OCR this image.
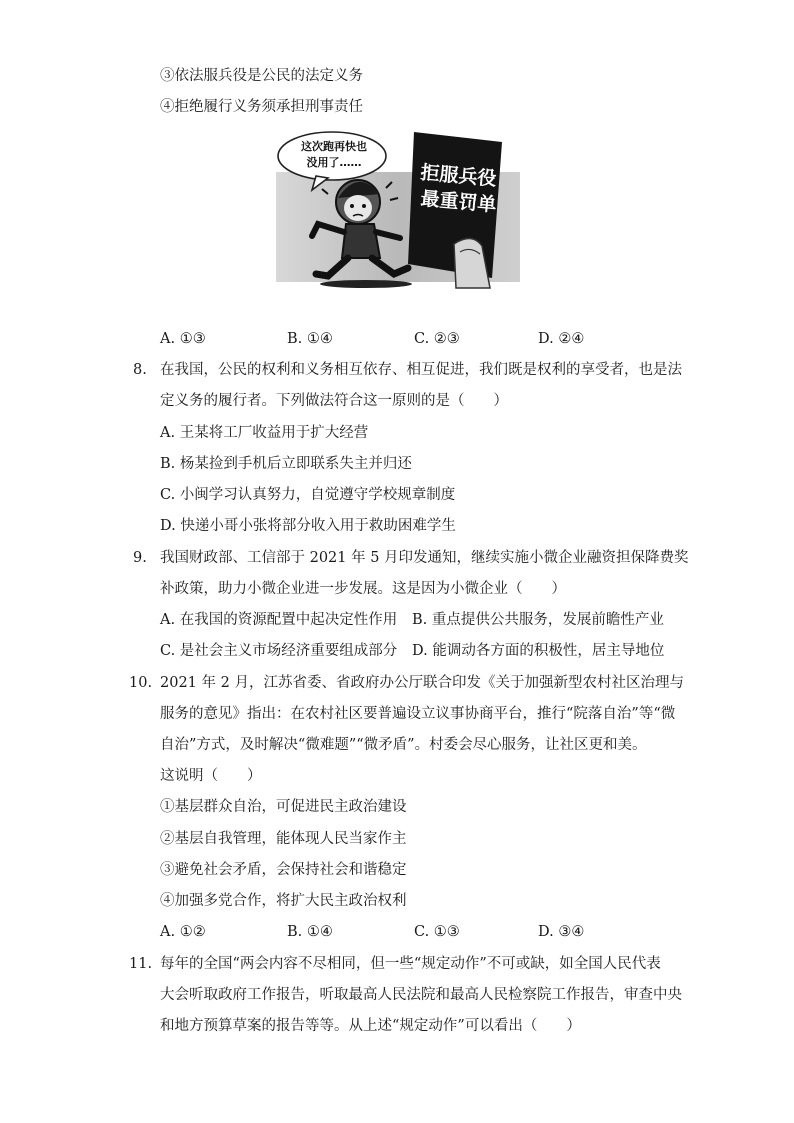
③依法服兵役是公民的法定义务
④拒绝履行义务须承担刑事责任
这次跑再快也
没用了……	拒服兵役
最重罚单
A. ①③	B. ①④	C. ②③	D. ②④
8. 在我国，公民的权利和义务相互依存、相互促进，我们既是权利的享受者，也是法
定义务的履行者。下列做法符合这一原则的是（　　）
A. 王某将工厂收益用于扩大经营
B. 杨某捡到手机后立即联系失主并归还
C. 小闽学习认真努力，自觉遵守学校规章制度
D. 快递小哥小张将部分收入用于救助困难学生
9. 我国财政部、工信部于 2021 年 5 月印发通知，继续实施小微企业融资担保降费奖
补政策，助力小微企业进一步发展。这是因为小微企业（　　）
A. 在我国的资源配置中起决定性作用 B. 重点提供公共服务，发展前瞻性产业
C. 是社会主义市场经济重要组成部分 D. 能调动各方面的积极性，居主导地位
10. 2021 年 2 月，江苏省委、省政府办公厅联合印发《关于加强新型农村社区治理与
服务的意见》指出：在农村社区要普遍设立议事协商平台，推行“院落自治”等“微
自治”方式，及时解决“微难题”“微矛盾”。村委会尽心服务，让社区更和美。
这说明（　　）
①基层群众自治，可促进民主政治建设
②基层自我管理，能体现人民当家作主
③避免社会矛盾，会保持社会和谐稳定
④加强多党合作，将扩大民主政治权利
A. ①②	B. ①④	C. ①③	D. ③④
11. 每年的全国“两会内容不尽相同，但一些“规定动作”不可或缺，如全国人民代表
大会听取政府工作报告，听取最高人民法院和最高人民检察院工作报告，审查中央
和地方预算草案的报告等等。从上述“规定动作”可以看出（　　）
